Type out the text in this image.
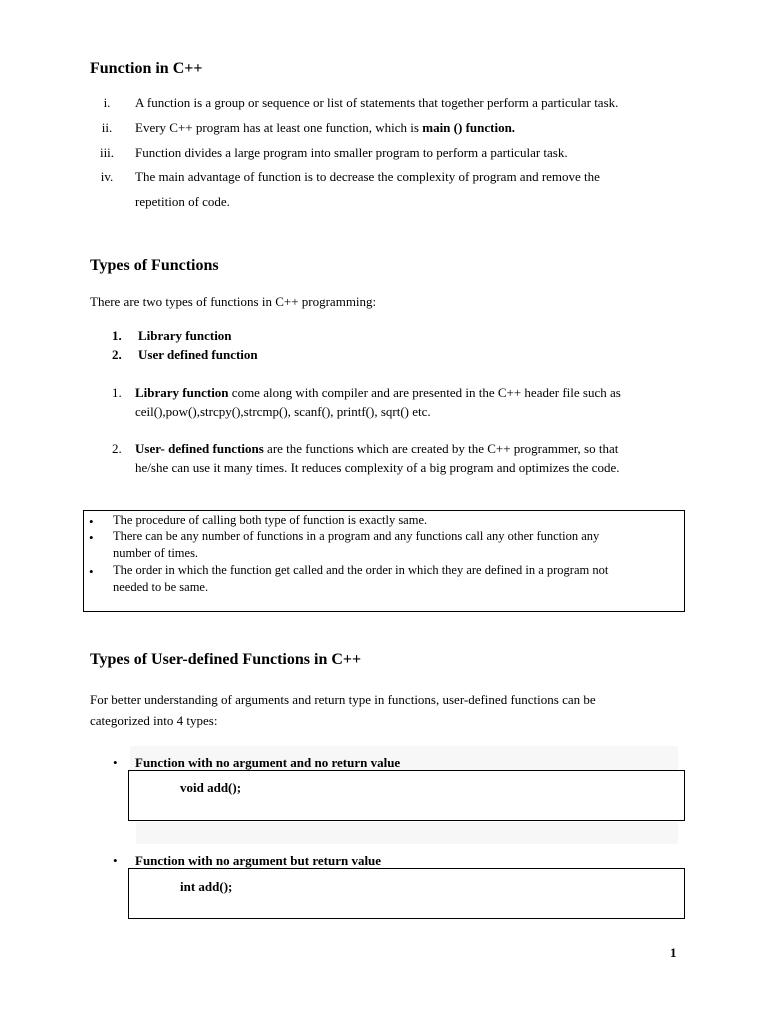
Function in C++
i.	A function is a group or sequence or list of statements that together perform a particular task.
ii.	Every C++ program has at least one function, which is main () function.
iii.	Function divides a large program into smaller program to perform a particular task.
iv.	The main advantage of function is to decrease the complexity of program and remove the
repetition of code.
Types of Functions
There are two types of functions in C++ programming:
1. Library function
2. User defined function
1. Library function come along with compiler and are presented in the C++ header file such as
ceil(),pow(),strcpy(),strcmp(), scanf(), printf(), sqrt() etc.
2. User- defined functions are the functions which are created by the C++ programmer, so that
he/she can use it many times. It reduces complexity of a big program and optimizes the code.
• The procedure of calling both type of function is exactly same.
• There can be any number of functions in a program and any functions call any other function any
number of times.
• The order in which the function get called and the order in which they are defined in a program not
needed to be same.
Types of User-defined Functions in C++
For better understanding of arguments and return type in functions, user-defined functions can be
categorized into 4 types:
• Function with no argument and no return value
void add();
• Function with no argument but return value
int add();
1
